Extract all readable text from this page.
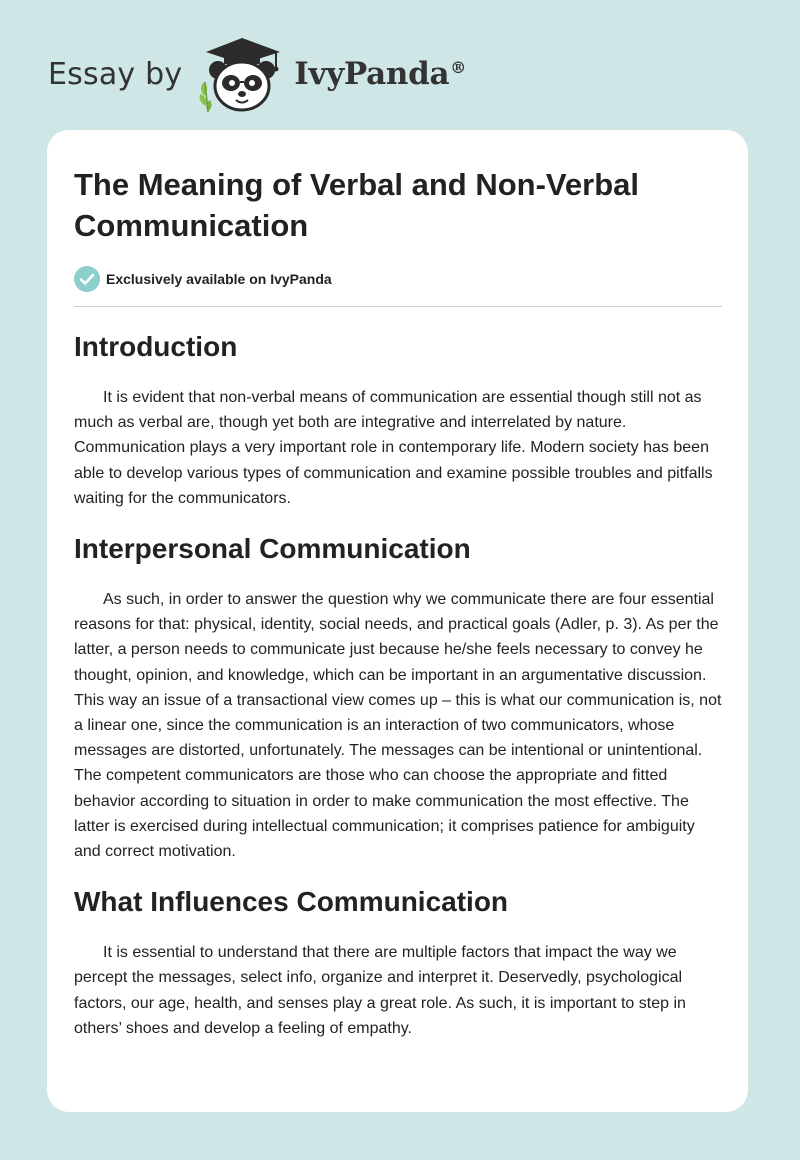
Essay by	IvyPanda®
The Meaning of Verbal and Non-Verbal Communication
Exclusively available on IvyPanda
Introduction

It is evident that non-verbal means of communication are essential though still not as much as verbal are, though yet both are integrative and interrelated by nature. Communication plays a very important role in contemporary life. Modern society has been able to develop various types of communication and examine possible troubles and pitfalls waiting for the communicators.

Interpersonal Communication

As such, in order to answer the question why we communicate there are four essential reasons for that: physical, identity, social needs, and practical goals (Adler, p. 3). As per the latter, a person needs to communicate just because he/she feels necessary to convey he thought, opinion, and knowledge, which can be important in an argumentative discussion. This way an issue of a transactional view comes up – this is what our communication is, not a linear one, since the communication is an interaction of two communicators, whose messages are distorted, unfortunately. The messages can be intentional or unintentional. The competent communicators are those who can choose the appropriate and fitted behavior according to situation in order to make communication the most effective. The latter is exercised during intellectual communication; it comprises patience for ambiguity and correct motivation.

What Influences Communication

It is essential to understand that there are multiple factors that impact the way we percept the messages, select info, organize and interpret it. Deservedly, psychological factors, our age, health, and senses play a great role. As such, it is important to step in others’ shoes and develop a feeling of empathy.
